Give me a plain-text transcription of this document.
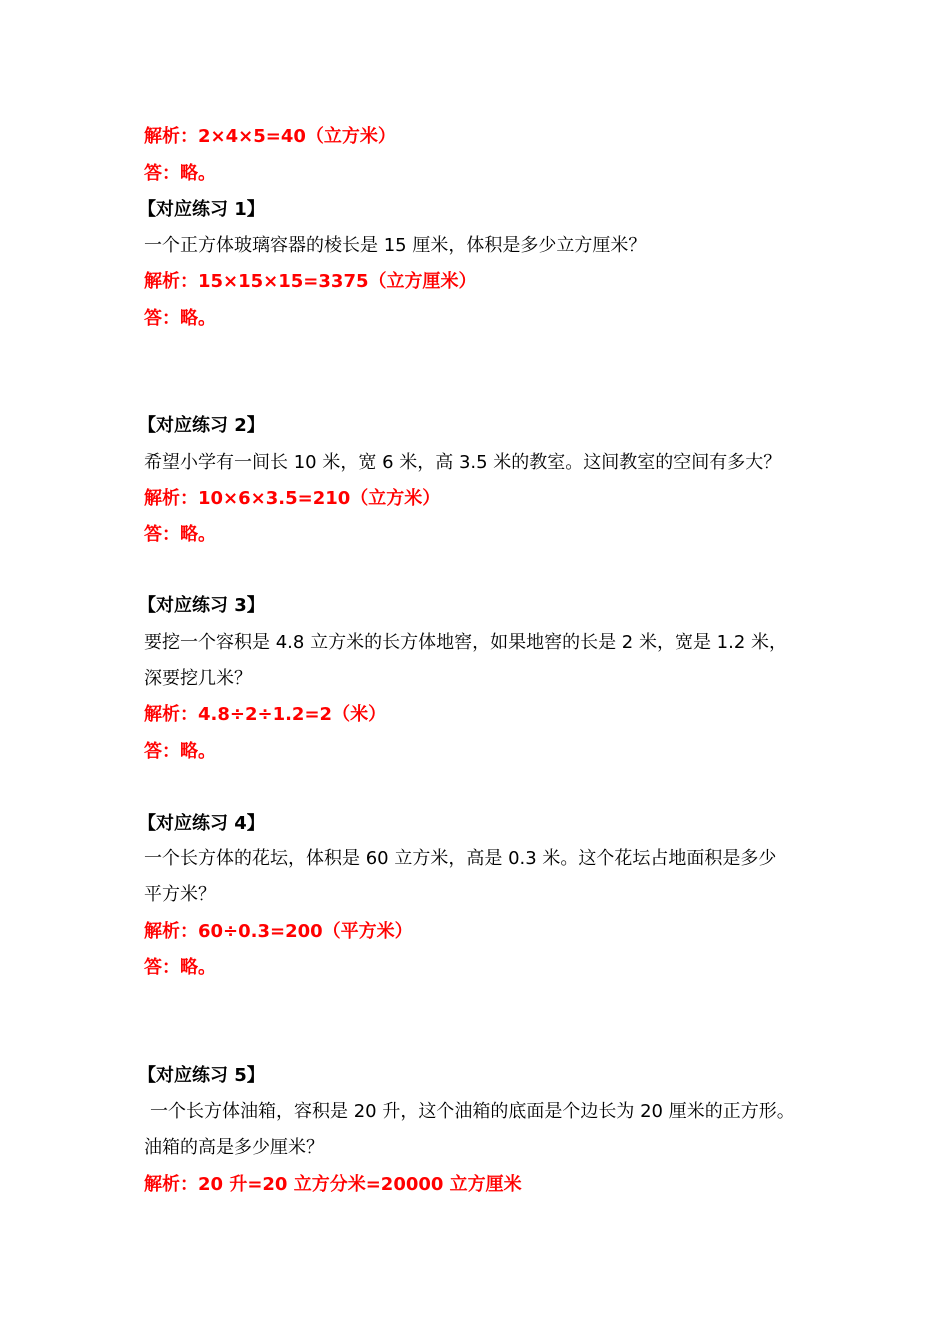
解析：2×4×5=40（立方米）
答：略。
【对应练习 1】
一个正方体玻璃容器的棱长是 15 厘米，体积是多少立方厘米？
解析：15×15×15=3375（立方厘米）
答：略。
【对应练习 2】
希望小学有一间长 10 米，宽 6 米，高 3.5 米的教室。这间教室的空间有多大？
解析：10×6×3.5=210（立方米）
答：略。
【对应练习 3】
要挖一个容积是 4.8 立方米的长方体地窖，如果地窖的长是 2 米，宽是 1.2 米，
深要挖几米？
解析：4.8÷2÷1.2=2（米）
答：略。
【对应练习 4】
一个长方体的花坛，体积是 60 立方米，高是 0.3 米。这个花坛占地面积是多少
平方米？
解析：60÷0.3=200（平方米）
答：略。
【对应练习 5】
一个长方体油箱，容积是 20 升，这个油箱的底面是个边长为 20 厘米的正方形。
油箱的高是多少厘米？
解析：20 升=20 立方分米=20000 立方厘米
